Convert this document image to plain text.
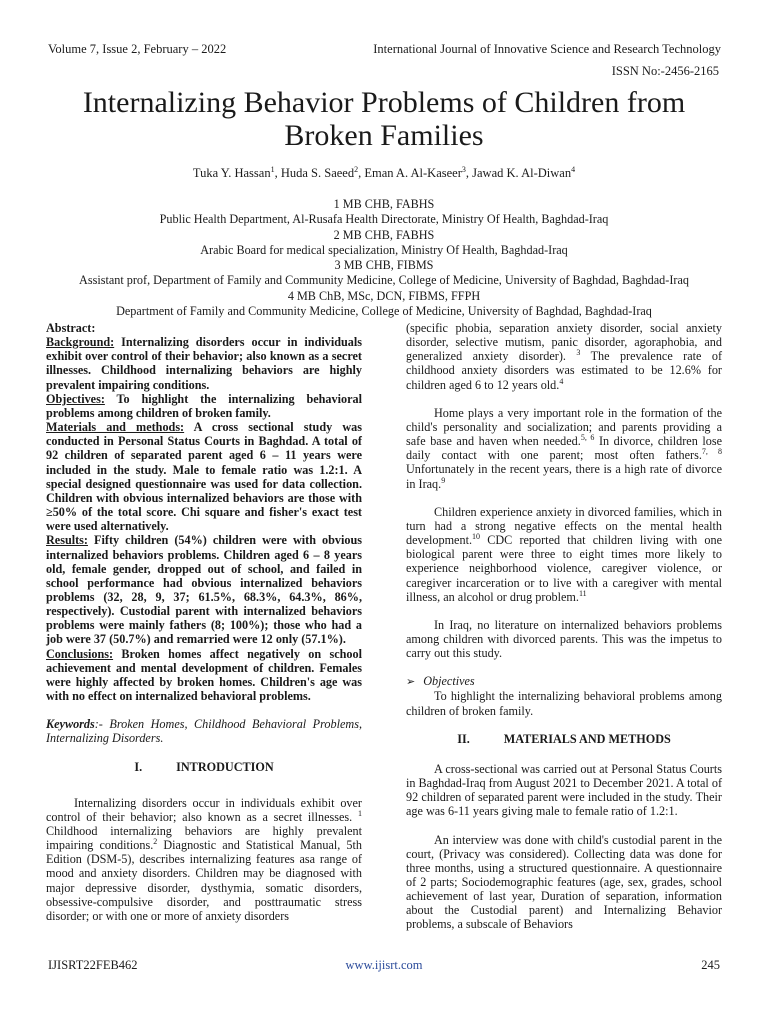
Volume 7, Issue 2, February – 2022	International Journal of Innovative Science and Research Technology
ISSN No:-2456-2165
Internalizing Behavior Problems of Children from Broken Families
Tuka Y. Hassan$^1$, Huda S. Saeed$^2$, Eman A. Al-Kaseer$^3$, Jawad K. Al-Diwan$^4$
1 MB CHB, FABHS
Public Health Department, Al-Rusafa Health Directorate, Ministry Of Health, Baghdad-Iraq
2 MB CHB, FABHS
Arabic Board for medical specialization, Ministry Of Health, Baghdad-Iraq
3 MB CHB, FIBMS
Assistant prof, Department of Family and Community Medicine, College of Medicine, University of Baghdad, Baghdad-Iraq
4 MB ChB, MSc, DCN, FIBMS, FFPH
Department of Family and Community Medicine, College of Medicine, University of Baghdad, Baghdad-Iraq

Abstract:

Background: Internalizing disorders occur in individuals exhibit over control of their behavior; also known as a secret illnesses. Childhood internalizing behaviors are highly prevalent impairing conditions.

Objectives: To highlight the internalizing behavioral problems among children of broken family.

Materials and methods: A cross sectional study was conducted in Personal Status Courts in Baghdad. A total of 92 children of separated parent aged 6 – 11 years were included in the study. Male to female ratio was 1.2:1. A special designed questionnaire was used for data collection. Children with obvious internalized behaviors are those with ≥50% of the total score. Chi square and fisher's exact test were used alternatively.

Results: Fifty children (54%) children were with obvious internalized behaviors problems. Children aged 6 – 8 years old, female gender, dropped out of school, and failed in school performance had obvious internalized behaviors problems (32, 28, 9, 37; 61.5%, 68.3%, 64.3%, 86%, respectively). Custodial parent with internalized behaviors problems were mainly fathers (8; 100%); those who had a job were 37 (50.7%) and remarried were 12 only (57.1%).

Conclusions: Broken homes affect negatively on school achievement and mental development of children. Females were highly affected by broken homes. Children's age was with no effect on internalized behavioral problems.

Keywords:- Broken Homes, Childhood Behavioral Problems, Internalizing Disorders.

I.	INTRODUCTION

Internalizing disorders occur in individuals exhibit over control of their behavior; also known as a secret illnesses. $^1$ Childhood internalizing behaviors are highly prevalent impairing conditions.$^2$ Diagnostic and Statistical Manual, 5th Edition (DSM-5), describes internalizing features asa range of mood and anxiety disorders. Children may be diagnosed with major depressive disorder, dysthymia, somatic disorders, obsessive-compulsive disorder, and posttraumatic stress disorder; or with one or more of anxiety disorders

(specific phobia, separation anxiety disorder, social anxiety disorder, selective mutism, panic disorder, agoraphobia, and generalized anxiety disorder). $^3$ The prevalence rate of childhood anxiety disorders was estimated to be 12.6% for children aged 6 to 12 years old.$^4$

Home plays a very important role in the formation of the child's personality and socialization; and parents providing a safe base and haven when needed.$^{5, 6}$ In divorce, children lose daily contact with one parent; most often fathers.$^{7, 8}$ Unfortunately in the recent years, there is a high rate of divorce in Iraq.$^9$

Children experience anxiety in divorced families, which in turn had a strong negative effects on the mental health development.$^{10}$ CDC reported that children living with one biological parent were three to eight times more likely to experience neighborhood violence, caregiver violence, or caregiver incarceration or to live with a caregiver with mental illness, an alcohol or drug problem.$^{11}$

In Iraq, no literature on internalized behaviors problems among children with divorced parents. This was the impetus to carry out this study.

➢ Objectives

To highlight the internalizing behavioral problems among children of broken family.

II.	MATERIALS AND METHODS

A cross-sectional was carried out at Personal Status Courts in Baghdad-Iraq from August 2021 to December 2021. A total of 92 children of separated parent were included in the study. Their age was 6-11 years giving male to female ratio of 1.2:1.

An interview was done with child's custodial parent in the court, (Privacy was considered). Collecting data was done for three months, using a structured questionnaire. A questionnaire of 2 parts; Sociodemographic features (age, sex, grades, school achievement of last year, Duration of separation, information about the Custodial parent) and Internalizing Behavior problems, a subscale of Behaviors

IJISRT22FEB462	www.ijisrt.com	245
